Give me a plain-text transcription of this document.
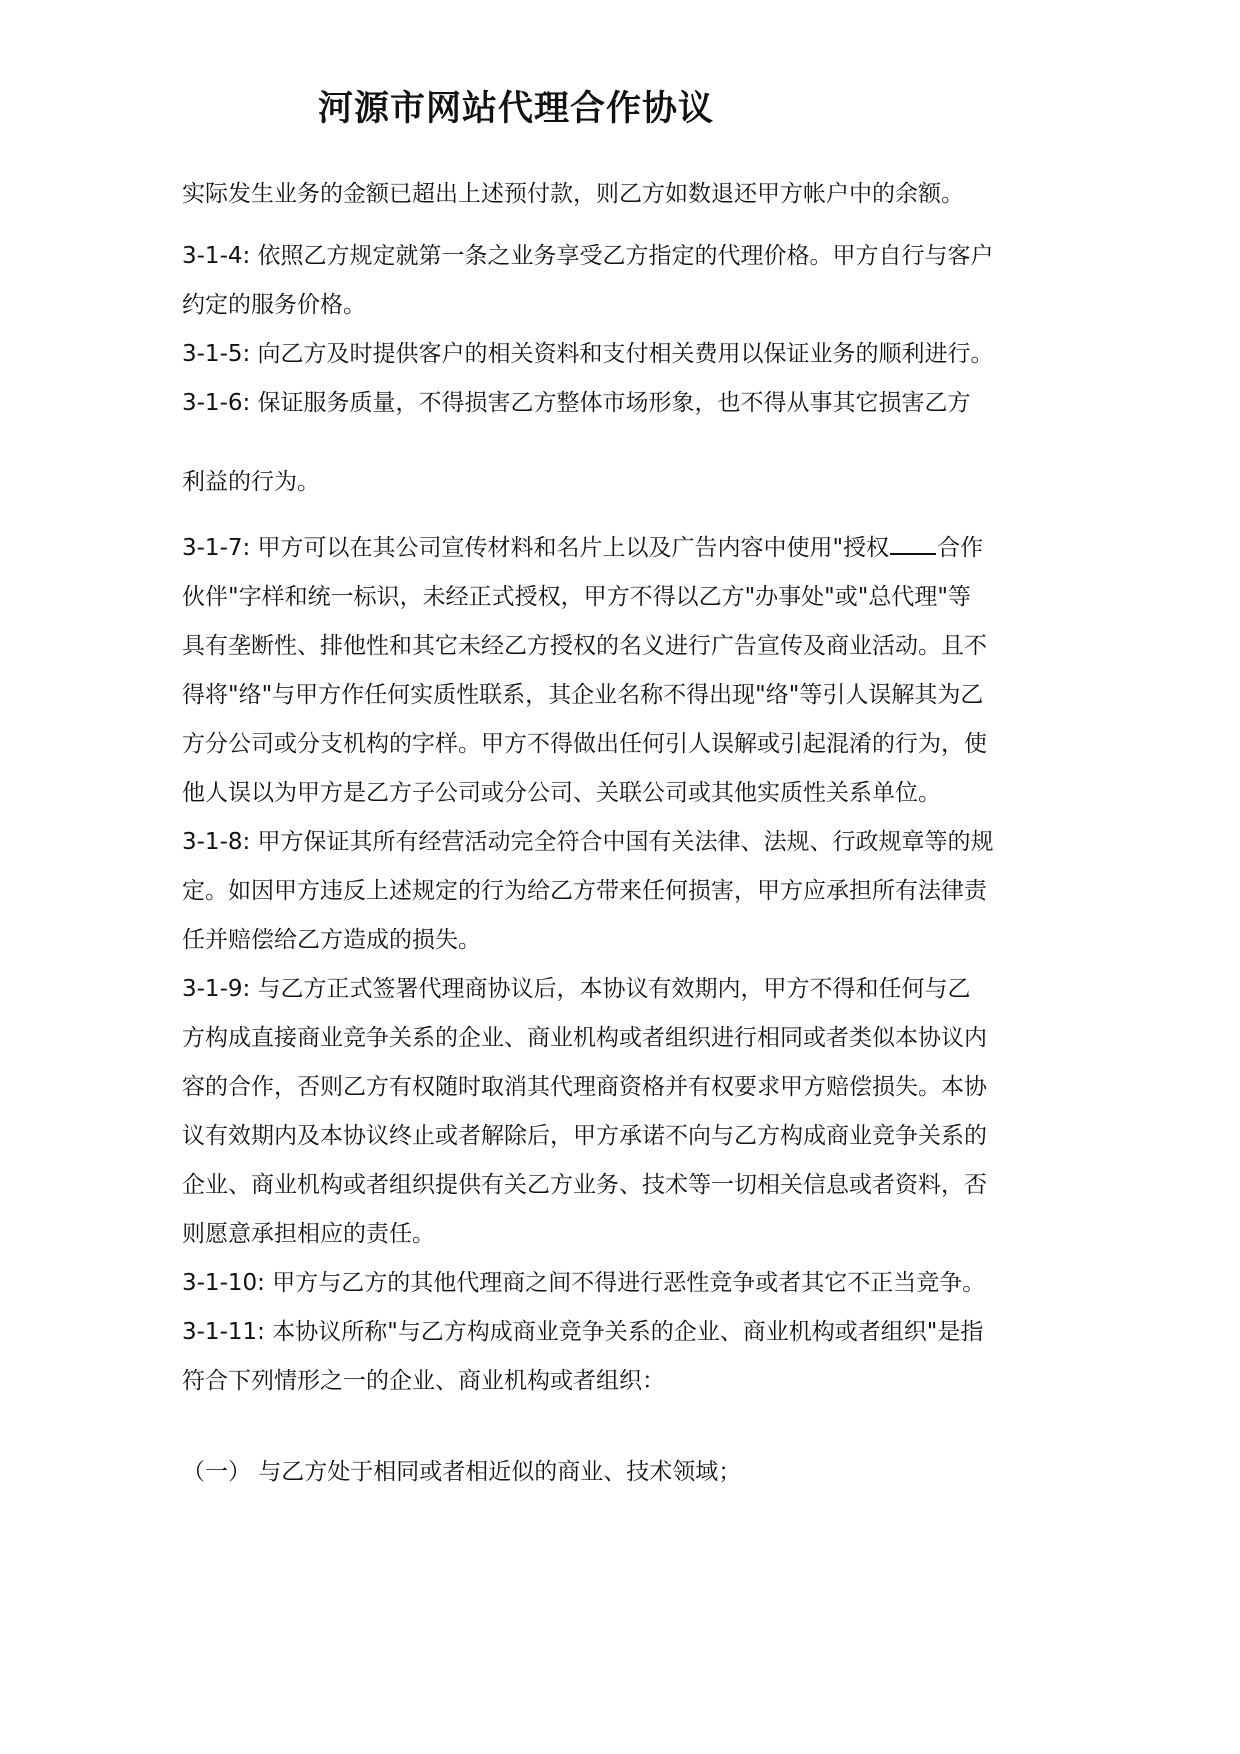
河源市网站代理合作协议
实际发生业务的金额已超出上述预付款，则乙方如数退还甲方帐户中的余额。
3-1-4: 依照乙方规定就第一条之业务享受乙方指定的代理价格。甲方自行与客户
约定的服务价格。
3-1-5: 向乙方及时提供客户的相关资料和支付相关费用以保证业务的顺利进行。
3-1-6: 保证服务质量，不得损害乙方整体市场形象，也不得从事其它损害乙方
利益的行为。
3-1-7: 甲方可以在其公司宣传材料和名片上以及广告内容中使用"授权 合作
伙伴"字样和统一标识，未经正式授权，甲方不得以乙方"办事处"或"总代理"等
具有垄断性、排他性和其它未经乙方授权的名义进行广告宣传及商业活动。且不
得将"络"与甲方作任何实质性联系，其企业名称不得出现"络"等引人误解其为乙
方分公司或分支机构的字样。甲方不得做出任何引人误解或引起混淆的行为，使
他人误以为甲方是乙方子公司或分公司、关联公司或其他实质性关系单位。
3-1-8: 甲方保证其所有经营活动完全符合中国有关法律、法规、行政规章等的规
定。如因甲方违反上述规定的行为给乙方带来任何损害，甲方应承担所有法律责
任并赔偿给乙方造成的损失。
3-1-9: 与乙方正式签署代理商协议后，本协议有效期内，甲方不得和任何与乙
方构成直接商业竞争关系的企业、商业机构或者组织进行相同或者类似本协议内
容的合作，否则乙方有权随时取消其代理商资格并有权要求甲方赔偿损失。本协
议有效期内及本协议终止或者解除后，甲方承诺不向与乙方构成商业竞争关系的
企业、商业机构或者组织提供有关乙方业务、技术等一切相关信息或者资料，否
则愿意承担相应的责任。
3-1-10: 甲方与乙方的其他代理商之间不得进行恶性竞争或者其它不正当竞争。
3-1-11: 本协议所称"与乙方构成商业竞争关系的企业、商业机构或者组织"是指
符合下列情形之一的企业、商业机构或者组织：
（一） 与乙方处于相同或者相近似的商业、技术领域；
